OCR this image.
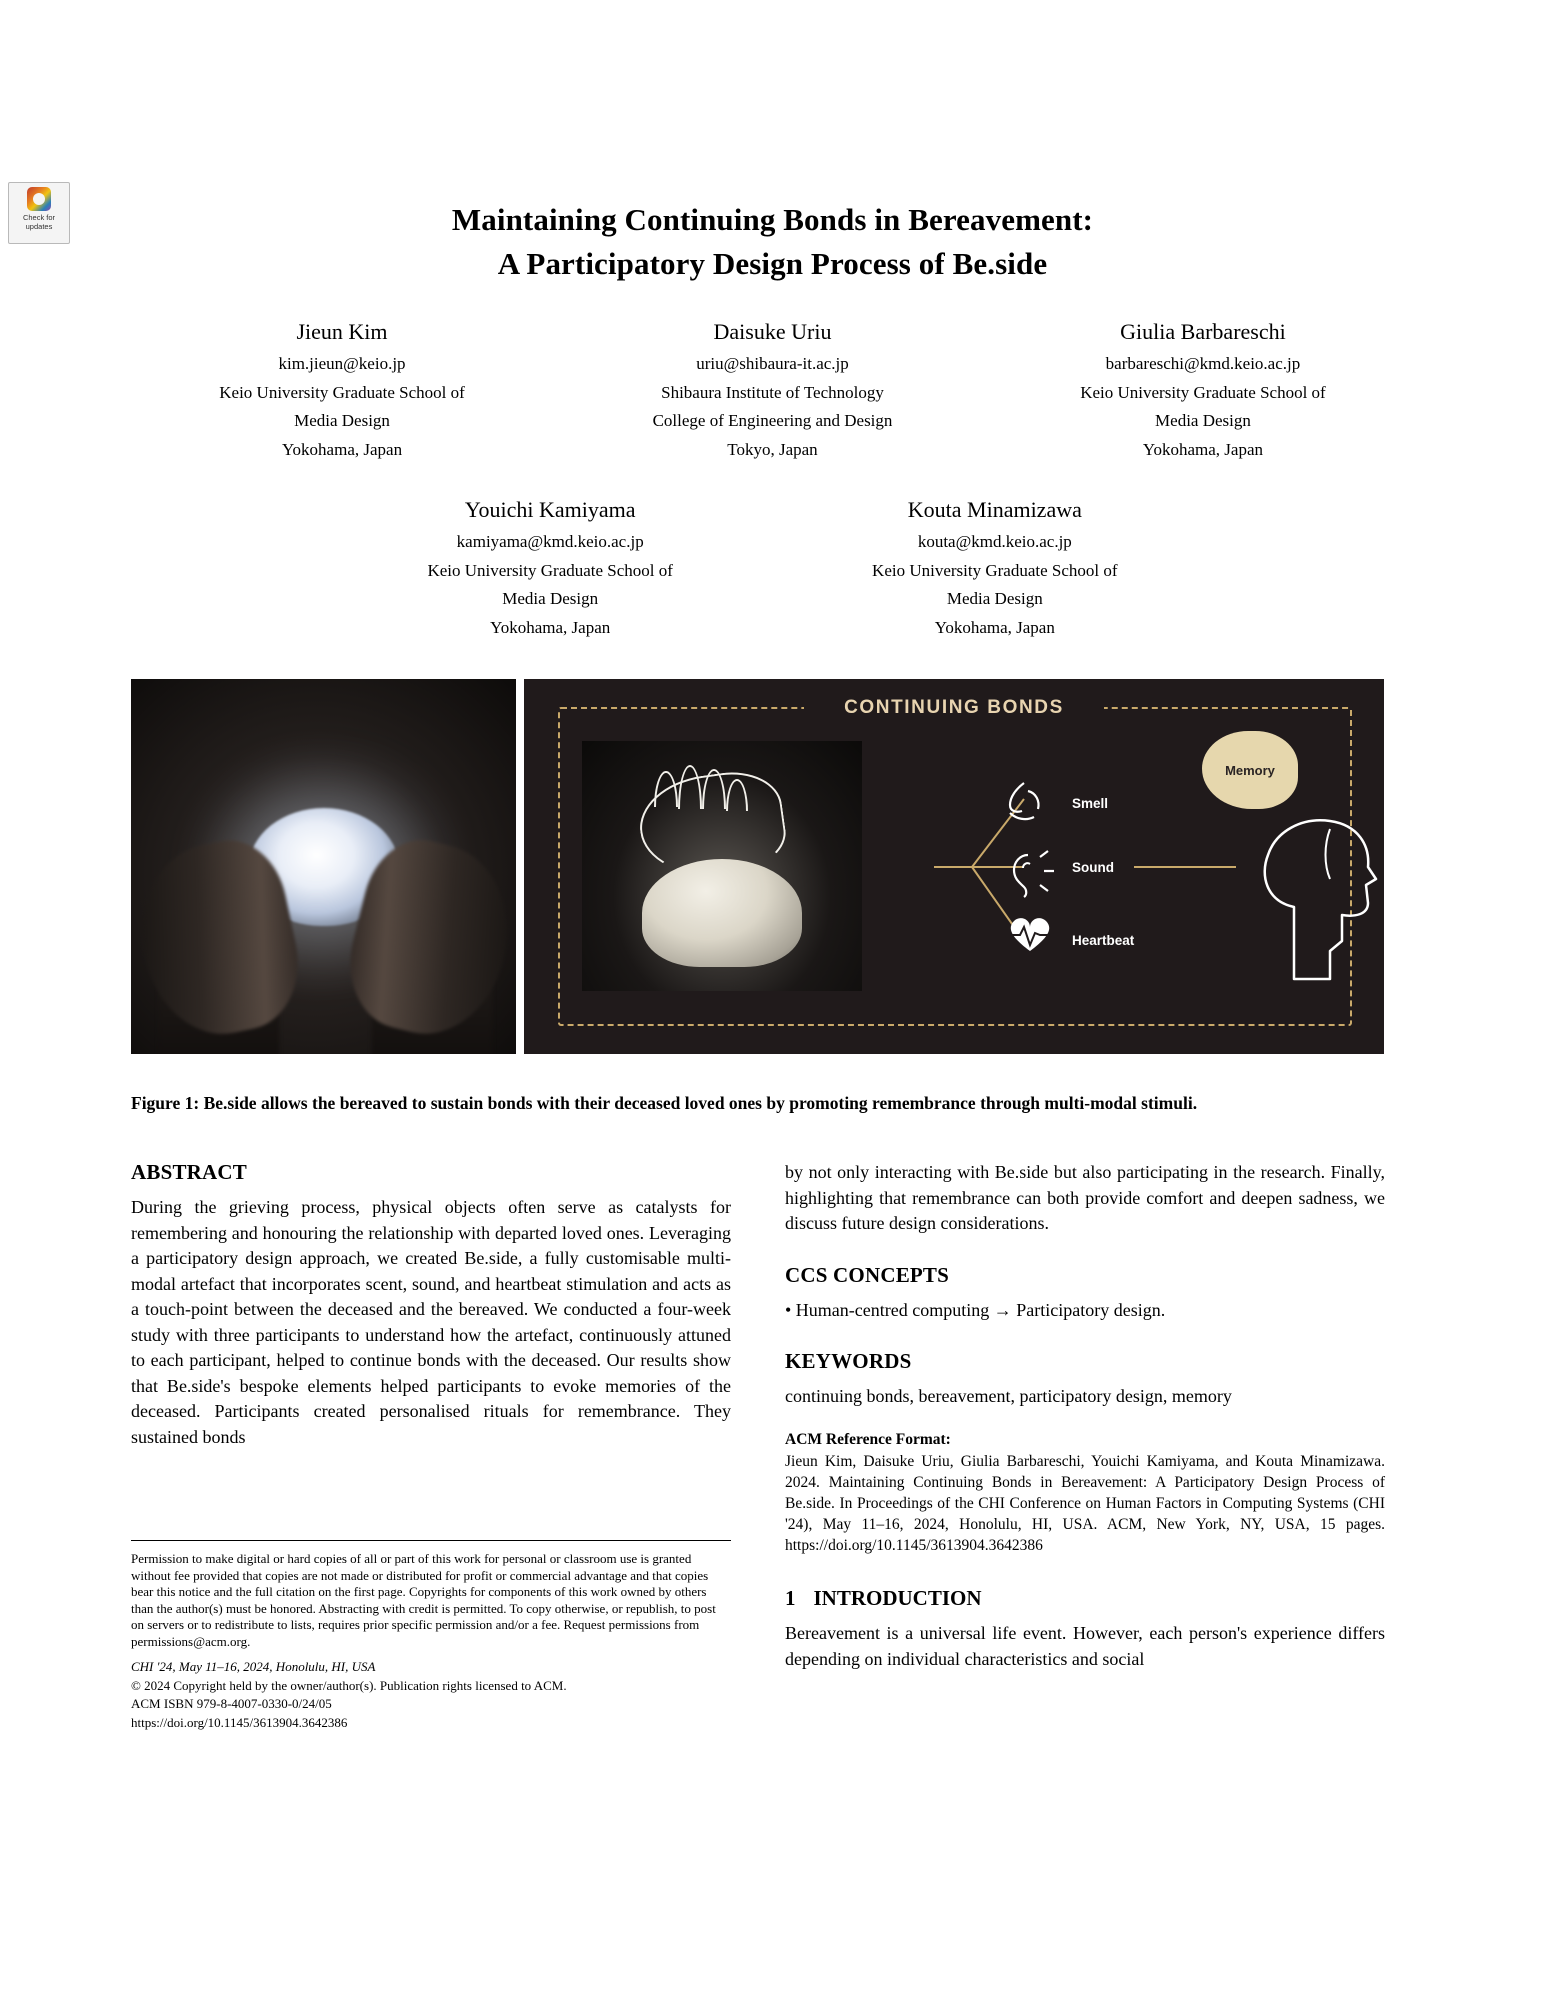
Check for
updates	Maintaining Continuing Bonds in Bereavement:
A Participatory Design Process of Be.side
Jieun Kim
kim.jieun@keio.jp
Keio University Graduate School of
Media Design
Yokohama, Japan
Daisuke Uriu
uriu@shibaura-it.ac.jp
Shibaura Institute of Technology
College of Engineering and Design
Tokyo, Japan
Giulia Barbareschi
barbareschi@kmd.keio.ac.jp
Keio University Graduate School of
Media Design
Yokohama, Japan
Youichi Kamiyama
kamiyama@kmd.keio.ac.jp
Keio University Graduate School of
Media Design
Yokohama, Japan
Kouta Minamizawa
kouta@kmd.keio.ac.jp
Keio University Graduate School of
Media Design
Yokohama, Japan
CONTINUING BONDS
Smell
Sound
Heartbeat
Memory
Figure 1: Be.side allows the bereaved to sustain bonds with their deceased loved ones by promoting remembrance through multi-modal stimuli.
ABSTRACT

During the grieving process, physical objects often serve as catalysts for remembering and honouring the relationship with departed loved ones. Leveraging a participatory design approach, we created Be.side, a fully customisable multi-modal artefact that incorporates scent, sound, and heartbeat stimulation and acts as a touch-point between the deceased and the bereaved. We conducted a four-week study with three participants to understand how the artefact, continuously attuned to each participant, helped to continue bonds with the deceased. Our results show that Be.side's bespoke elements helped participants to evoke memories of the deceased. Participants created personalised rituals for remembrance. They sustained bonds

Permission to make digital or hard copies of all or part of this work for personal or classroom use is granted without fee provided that copies are not made or distributed for profit or commercial advantage and that copies bear this notice and the full citation on the first page. Copyrights for components of this work owned by others than the author(s) must be honored. Abstracting with credit is permitted. To copy otherwise, or republish, to post on servers or to redistribute to lists, requires prior specific permission and/or a fee. Request permissions from permissions@acm.org.

CHI '24, May 11–16, 2024, Honolulu, HI, USA

© 2024 Copyright held by the owner/author(s). Publication rights licensed to ACM.

ACM ISBN 979-8-4007-0330-0/24/05

https://doi.org/10.1145/3613904.3642386

by not only interacting with Be.side but also participating in the research. Finally, highlighting that remembrance can both provide comfort and deepen sadness, we discuss future design considerations.

CCS CONCEPTS

• Human-centred computing → Participatory design.

KEYWORDS

continuing bonds, bereavement, participatory design, memory

ACM Reference Format:
Jieun Kim, Daisuke Uriu, Giulia Barbareschi, Youichi Kamiyama, and Kouta Minamizawa. 2024. Maintaining Continuing Bonds in Bereavement: A Participatory Design Process of Be.side. In Proceedings of the CHI Conference on Human Factors in Computing Systems (CHI '24), May 11–16, 2024, Honolulu, HI, USA. ACM, New York, NY, USA, 15 pages. https://doi.org/10.1145/3613904.3642386
1 INTRODUCTION

Bereavement is a universal life event. However, each person's experience differs depending on individual characteristics and social
